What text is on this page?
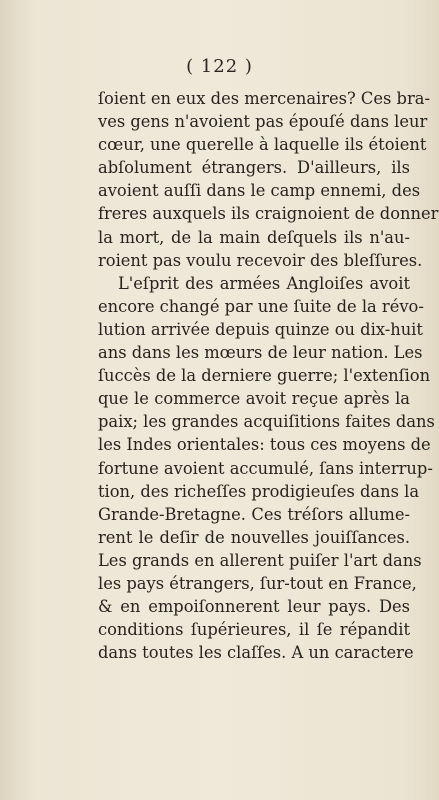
( 122 )
ſoient en eux des mercenaires? Ces bra-
ves gens n'avoient pas épouſé dans leur
cœur, une querelle à laquelle ils étoient
abſolument étrangers. D'ailleurs, ils
avoient auſſi dans le camp ennemi, des
freres auxquels ils craignoient de donner
la mort, de la main deſquels ils n'au-
roient pas voulu recevoir des bleſſures.
L'eſprit des armées Angloiſes avoit
encore changé par une ſuite de la révo-
lution arrivée depuis quinze ou dix-huit
ans dans les mœurs de leur nation. Les
ſuccès de la derniere guerre; l'extenſion
que le commerce avoit reçue après la
paix; les grandes acquiſitions faites dans
les Indes orientales: tous ces moyens de
fortune avoient accumulé, ſans interrup-
tion, des richeſſes prodigieuſes dans la
Grande-Bretagne. Ces tréſors allume-
rent le deſir de nouvelles jouiſſances.
Les grands en allerent puiſer l'art dans
les pays étrangers, ſur-tout en France,
& en empoiſonnerent leur pays. Des
conditions ſupérieures, il ſe répandit
dans toutes les claſſes. A un caractere
